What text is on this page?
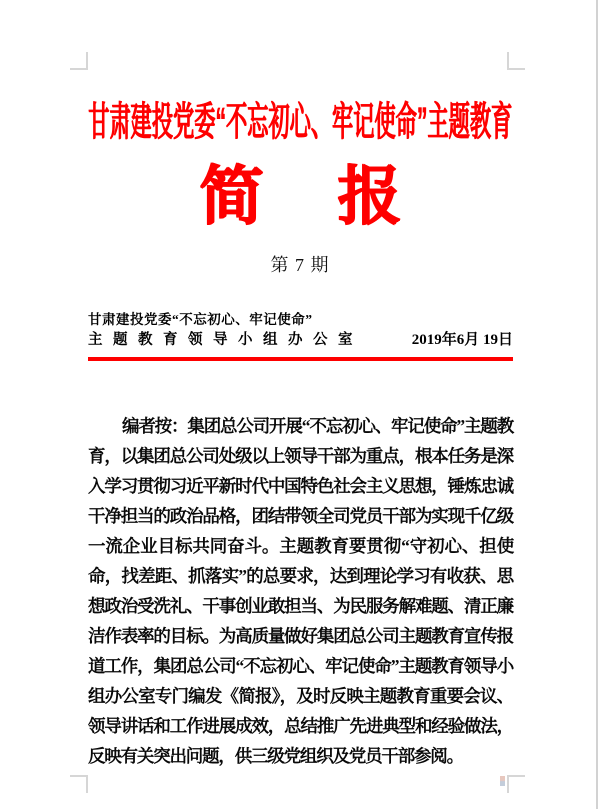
甘肃建投党委“不忘初心、牢记使命”主题教育
简 报
第 7 期
甘肃建投党委“不忘初心、牢记使命”
主题教育领导小组办公室	2019年6月 19日

编者按：集团总公司开展“不忘初心、牢记使命”主题教育，以集团总公司处级以上领导干部为重点，根本任务是深入学习贯彻习近平新时代中国特色社会主义思想，锤炼忠诚干净担当的政治品格，团结带领全司党员干部为实现千亿级一流企业目标共同奋斗。主题教育要贯彻“守初心、担使命，找差距、抓落实”的总要求，达到理论学习有收获、思想政治受洗礼、干事创业敢担当、为民服务解难题、清正廉洁作表率的目标。为高质量做好集团总公司主题教育宣传报道工作，集团总公司“不忘初心、牢记使命”主题教育领导小组办公室专门编发《简报》，及时反映主题教育重要会议、领导讲话和工作进展成效，总结推广先进典型和经验做法，反映有关突出问题，供三级党组织及党员干部参阅。
